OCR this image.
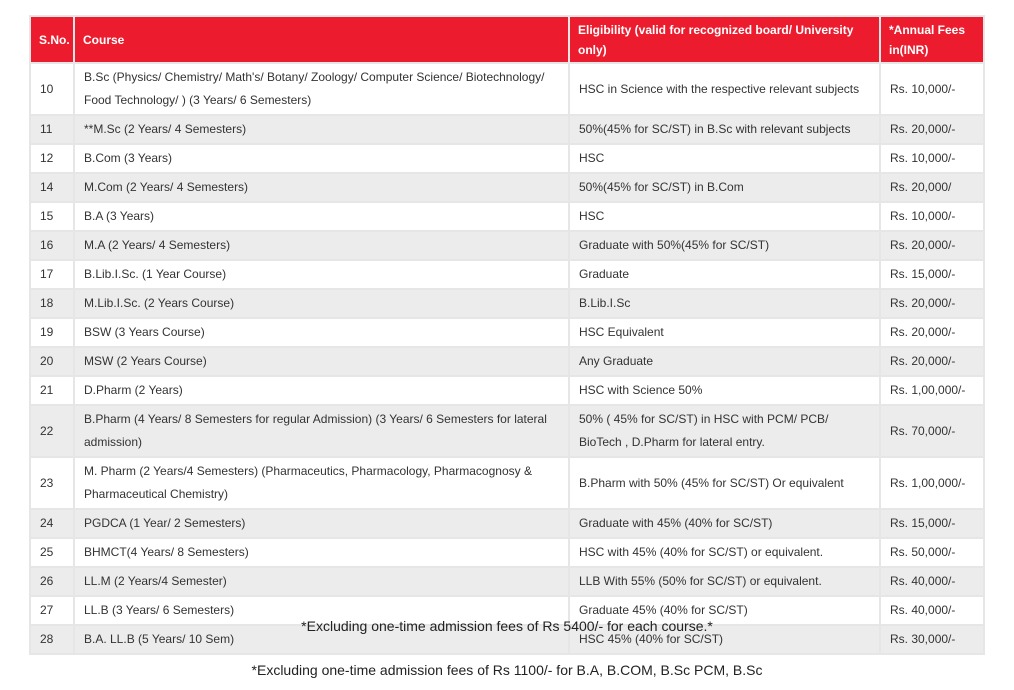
S.No.	Course	Eligibility (valid for recognized board/ University only)	*Annual Fees in(INR)
10	B.Sc (Physics/ Chemistry/ Math's/ Botany/ Zoology/ Computer Science/ Biotechnology/ Food Technology/ ) (3 Years/ 6 Semesters)	HSC in Science with the respective relevant subjects	Rs. 10,000/-
11	**M.Sc (2 Years/ 4 Semesters)	50%(45% for SC/ST) in B.Sc with relevant subjects	Rs. 20,000/-
12	B.Com (3 Years)	HSC	Rs. 10,000/-
14	M.Com (2 Years/ 4 Semesters)	50%(45% for SC/ST) in B.Com	Rs. 20,000/
15	B.A (3 Years)	HSC	Rs. 10,000/-
16	M.A (2 Years/ 4 Semesters)	Graduate with 50%(45% for SC/ST)	Rs. 20,000/-
17	B.Lib.I.Sc. (1 Year Course)	Graduate	Rs. 15,000/-
18	M.Lib.I.Sc. (2 Years Course)	B.Lib.I.Sc	Rs. 20,000/-
19	BSW (3 Years Course)	HSC Equivalent	Rs. 20,000/-
20	MSW (2 Years Course)	Any Graduate	Rs. 20,000/-
21	D.Pharm (2 Years)	HSC with Science 50%	Rs. 1,00,000/-
22	B.Pharm (4 Years/ 8 Semesters for regular Admission) (3 Years/ 6 Semesters for lateral admission)	50% ( 45% for SC/ST) in HSC with PCM/ PCB/ BioTech , D.Pharm for lateral entry.	Rs. 70,000/-
23	M. Pharm (2 Years/4 Semesters) (Pharmaceutics, Pharmacology, Pharmacognosy & Pharmaceutical Chemistry)	B.Pharm with 50% (45% for SC/ST) Or equivalent	Rs. 1,00,000/-
24	PGDCA (1 Year/ 2 Semesters)	Graduate with 45% (40% for SC/ST)	Rs. 15,000/-
25	BHMCT(4 Years/ 8 Semesters)	HSC with 45% (40% for SC/ST) or equivalent.	Rs. 50,000/-
26	LL.M (2 Years/4 Semester)	LLB With 55% (50% for SC/ST) or equivalent.	Rs. 40,000/-
27	LL.B (3 Years/ 6 Semesters)	Graduate 45% (40% for SC/ST)	Rs. 40,000/-
28	B.A. LL.B (5 Years/ 10 Sem)	HSC 45% (40% for SC/ST)	Rs. 30,000/-
*Excluding one-time admission fees of Rs 5400/- for each course.*
*Excluding one-time admission fees of Rs 1100/- for B.A, B.COM, B.Sc PCM, B.Sc
